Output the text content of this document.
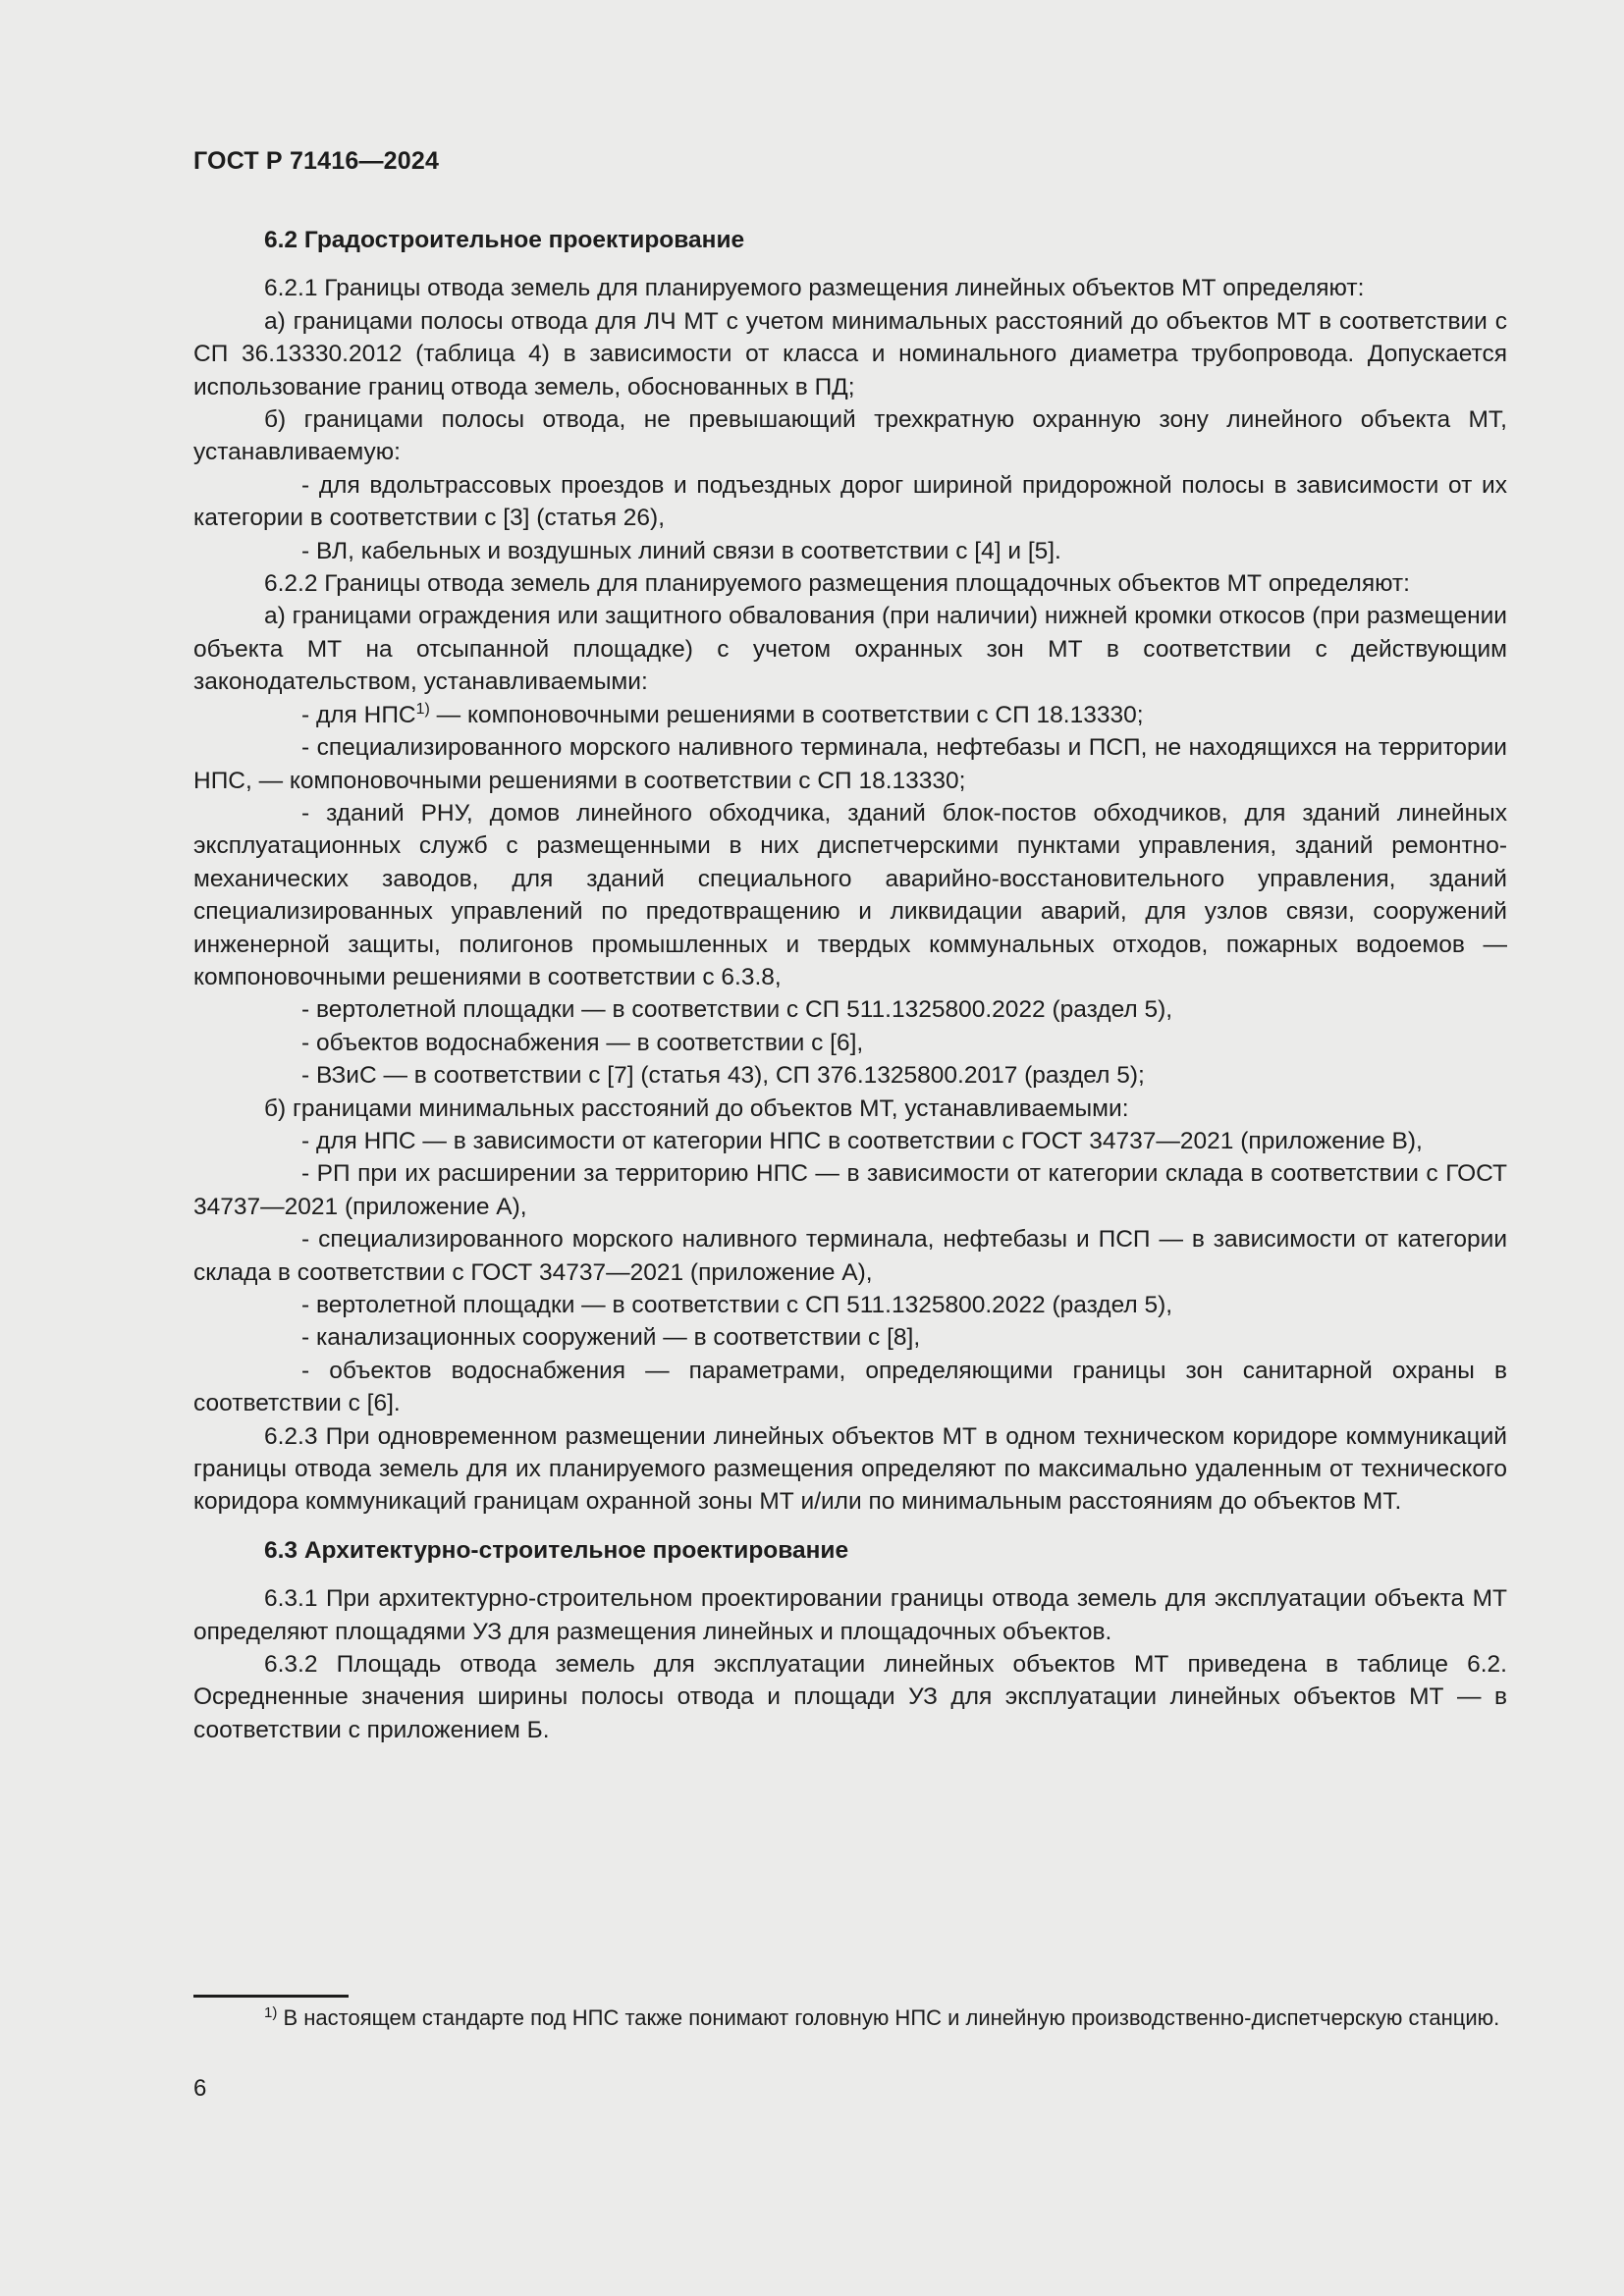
ГОСТ Р 71416—2024

6.2 Градостроительное проектирование

6.2.1 Границы отвода земель для планируемого размещения линейных объектов МТ определяют:

а) границами полосы отвода для ЛЧ МТ с учетом минимальных расстояний до объектов МТ в соответствии с СП 36.13330.2012 (таблица 4) в зависимости от класса и номинального диаметра трубопровода. Допускается использование границ отвода земель, обоснованных в ПД;

б) границами полосы отвода, не превышающий трехкратную охранную зону линейного объекта МТ, устанавливаемую:

- для вдольтрассовых проездов и подъездных дорог шириной придорожной полосы в зависимости от их категории в соответствии с [3] (статья 26),

- ВЛ, кабельных и воздушных линий связи в соответствии с [4] и [5].

6.2.2 Границы отвода земель для планируемого размещения площадочных объектов МТ определяют:

а) границами ограждения или защитного обвалования (при наличии) нижней кромки откосов (при размещении объекта МТ на отсыпанной площадке) с учетом охранных зон МТ в соответствии с действующим законодательством, устанавливаемыми:

- для НПС$^{1)}$ — компоновочными решениями в соответствии с СП 18.13330;

- специализированного морского наливного терминала, нефтебазы и ПСП, не находящихся на территории НПС, — компоновочными решениями в соответствии с СП 18.13330;

- зданий РНУ, домов линейного обходчика, зданий блок-постов обходчиков, для зданий линейных эксплуатационных служб с размещенными в них диспетчерскими пунктами управления, зданий ремонтно-механических заводов, для зданий специального аварийно-восстановительного управления, зданий специализированных управлений по предотвращению и ликвидации аварий, для узлов связи, сооружений инженерной защиты, полигонов промышленных и твердых коммунальных отходов, пожарных водоемов — компоновочными решениями в соответствии с 6.3.8,

- вертолетной площадки — в соответствии с СП 511.1325800.2022 (раздел 5),

- объектов водоснабжения — в соответствии с [6],

- ВЗиС — в соответствии с [7] (статья 43), СП 376.1325800.2017 (раздел 5);

б) границами минимальных расстояний до объектов МТ, устанавливаемыми:

- для НПС — в зависимости от категории НПС в соответствии с ГОСТ 34737—2021 (приложение В),

- РП при их расширении за территорию НПС — в зависимости от категории склада в соответствии с ГОСТ 34737—2021 (приложение А),

- специализированного морского наливного терминала, нефтебазы и ПСП — в зависимости от категории склада в соответствии с ГОСТ 34737—2021 (приложение А),

- вертолетной площадки — в соответствии с СП 511.1325800.2022 (раздел 5),

- канализационных сооружений — в соответствии с [8],

- объектов водоснабжения — параметрами, определяющими границы зон санитарной охраны в соответствии с [6].

6.2.3 При одновременном размещении линейных объектов МТ в одном техническом коридоре коммуникаций границы отвода земель для их планируемого размещения определяют по максимально удаленным от технического коридора коммуникаций границам охранной зоны МТ и/или по минимальным расстояниям до объектов МТ.

6.3 Архитектурно-строительное проектирование

6.3.1 При архитектурно-строительном проектировании границы отвода земель для эксплуатации объекта МТ определяют площадями УЗ для размещения линейных и площадочных объектов.

6.3.2 Площадь отвода земель для эксплуатации линейных объектов МТ приведена в таблице 6.2. Осредненные значения ширины полосы отвода и площади УЗ для эксплуатации линейных объектов МТ — в соответствии с приложением Б.

$^{1)}$ В настоящем стандарте под НПС также понимают головную НПС и линейную производственно-диспетчерскую станцию.
6
